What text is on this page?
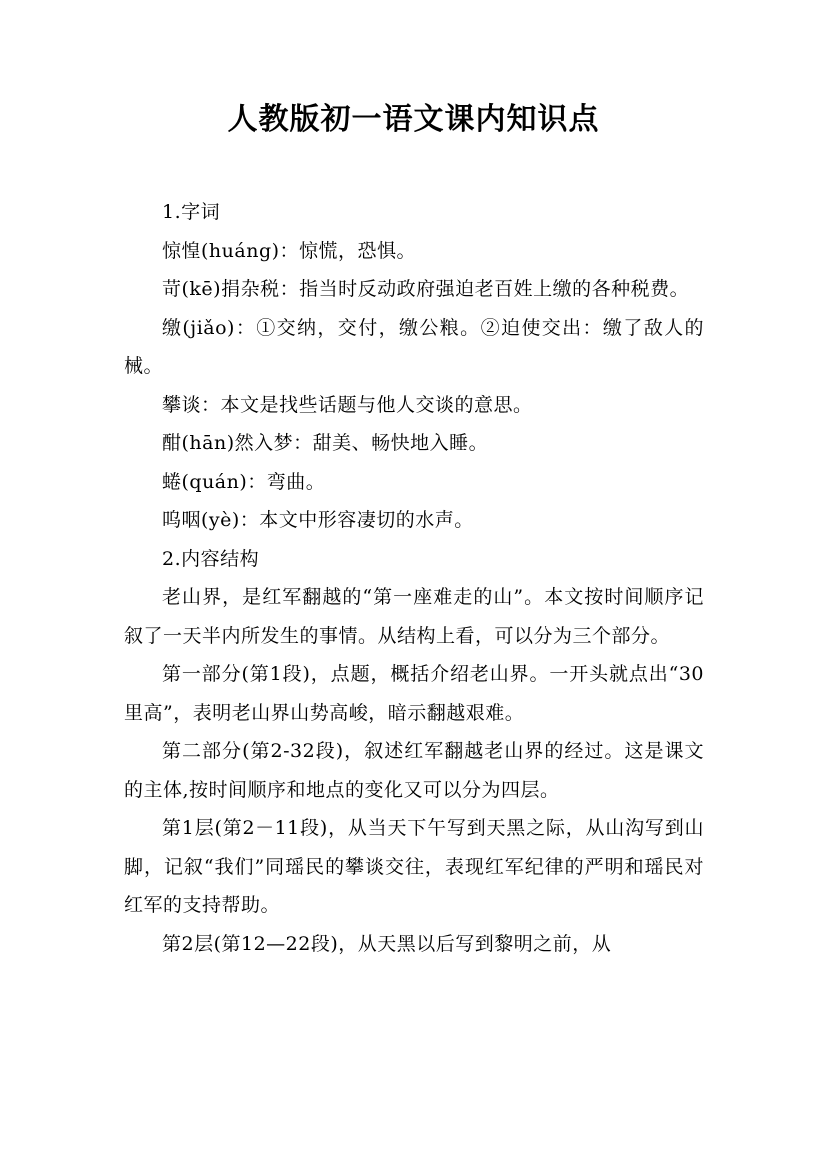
人教版初一语文课内知识点

1.字词

惊惶(huáng)：惊慌，恐惧。

苛(kē)捐杂税：指当时反动政府强迫老百姓上缴的各种税费。

缴(jiǎo)：①交纳，交付，缴公粮。②迫使交出：缴了敌人的械。

攀谈：本文是找些话题与他人交谈的意思。

酣(hān)然入梦：甜美、畅快地入睡。

蜷(quán)：弯曲。

呜咽(yè)：本文中形容凄切的水声。

2.内容结构

老山界，是红军翻越的“第一座难走的山”。本文按时间顺序记叙了一天半内所发生的事情。从结构上看，可以分为三个部分。

第一部分(第1段)，点题，概括介绍老山界。一开头就点出“30里高”，表明老山界山势高峻，暗示翻越艰难。

第二部分(第2-32段)，叙述红军翻越老山界的经过。这是课文的主体,按时间顺序和地点的变化又可以分为四层。

第1层(第2－11段)，从当天下午写到天黑之际，从山沟写到山脚，记叙“我们”同瑶民的攀谈交往，表现红军纪律的严明和瑶民对红军的支持帮助。

第2层(第12—22段)，从天黑以后写到黎明之前，从
